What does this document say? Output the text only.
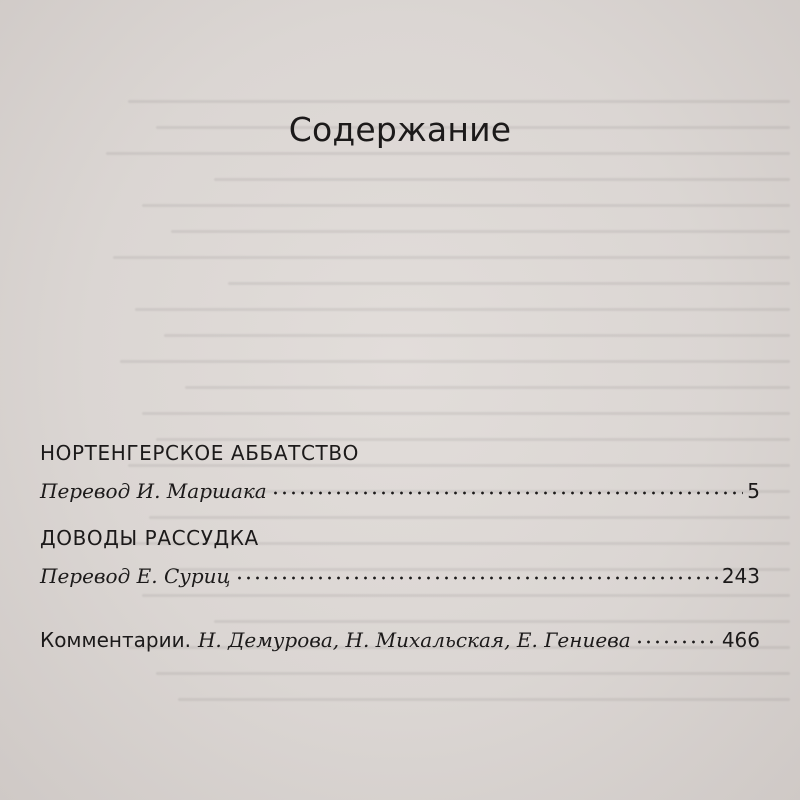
Содержание
НОРТЕНГЕРСКОЕ АББАТСТВО
Перевод И. Маршака	5
ДОВОДЫ РАССУДКА
Перевод Е. Суриц	243
Комментарии. Н. Демурова, Н. Михальская, Е. Гениева	466
